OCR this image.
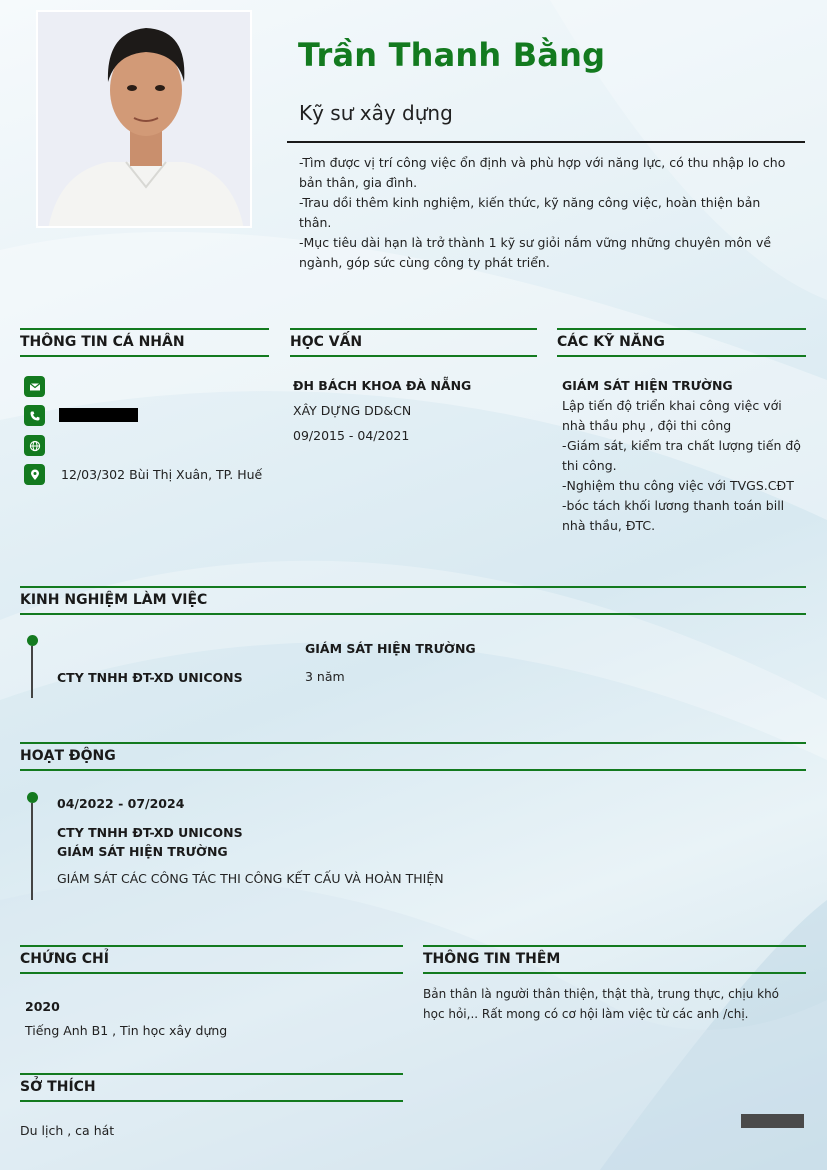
Trần Thanh Bằng
Kỹ sư xây dựng

-Tìm được vị trí công việc ổn định và phù hợp với năng lực, có thu nhập lo cho bản thân, gia đình.

-Trau dồi thêm kinh nghiệm, kiến thức, kỹ năng công việc, hoàn thiện bản thân.

-Mục tiêu dài hạn là trở thành 1 kỹ sư giỏi nắm vững những chuyên môn về ngành, góp sức cùng công ty phát triển.

THÔNG TIN CÁ NHÂN
12/03/302 Bùi Thị Xuân, TP. Huế
HỌC VẤN
ĐH BÁCH KHOA ĐÀ NẴNG
XÂY DỰNG DD&CN
09/2015 - 04/2021
CÁC KỸ NĂNG
GIÁM SÁT HIỆN TRƯỜNG
Lập tiến độ triển khai công việc với
nhà thầu phụ , đội thi công
-Giám sát, kiểm tra chất lượng tiến độ
thi công.
-Nghiệm thu công việc với TVGS.CĐT
-bóc tách khối lương thanh toán bill
nhà thầu, ĐTC.
KINH NGHIỆM LÀM VIỆC
GIÁM SÁT HIỆN TRƯỜNG
CTY TNHH ĐT-XD UNICONS	3 năm
HOẠT ĐỘNG
04/2022 - 07/2024
CTY TNHH ĐT-XD UNICONS
GIÁM SÁT HIỆN TRƯỜNG
GIÁM SÁT CÁC CÔNG TÁC THI CÔNG KẾT CẤU VÀ HOÀN THIỆN
CHỨNG CHỈ
2020
Tiếng Anh B1 , Tin học xây dựng
THÔNG TIN THÊM
Bản thân là người thân thiện, thật thà, trung thực, chịu khó học hỏi,.. Rất mong có cơ hội làm việc từ các anh /chị.
SỞ THÍCH
Du lịch , ca hát
